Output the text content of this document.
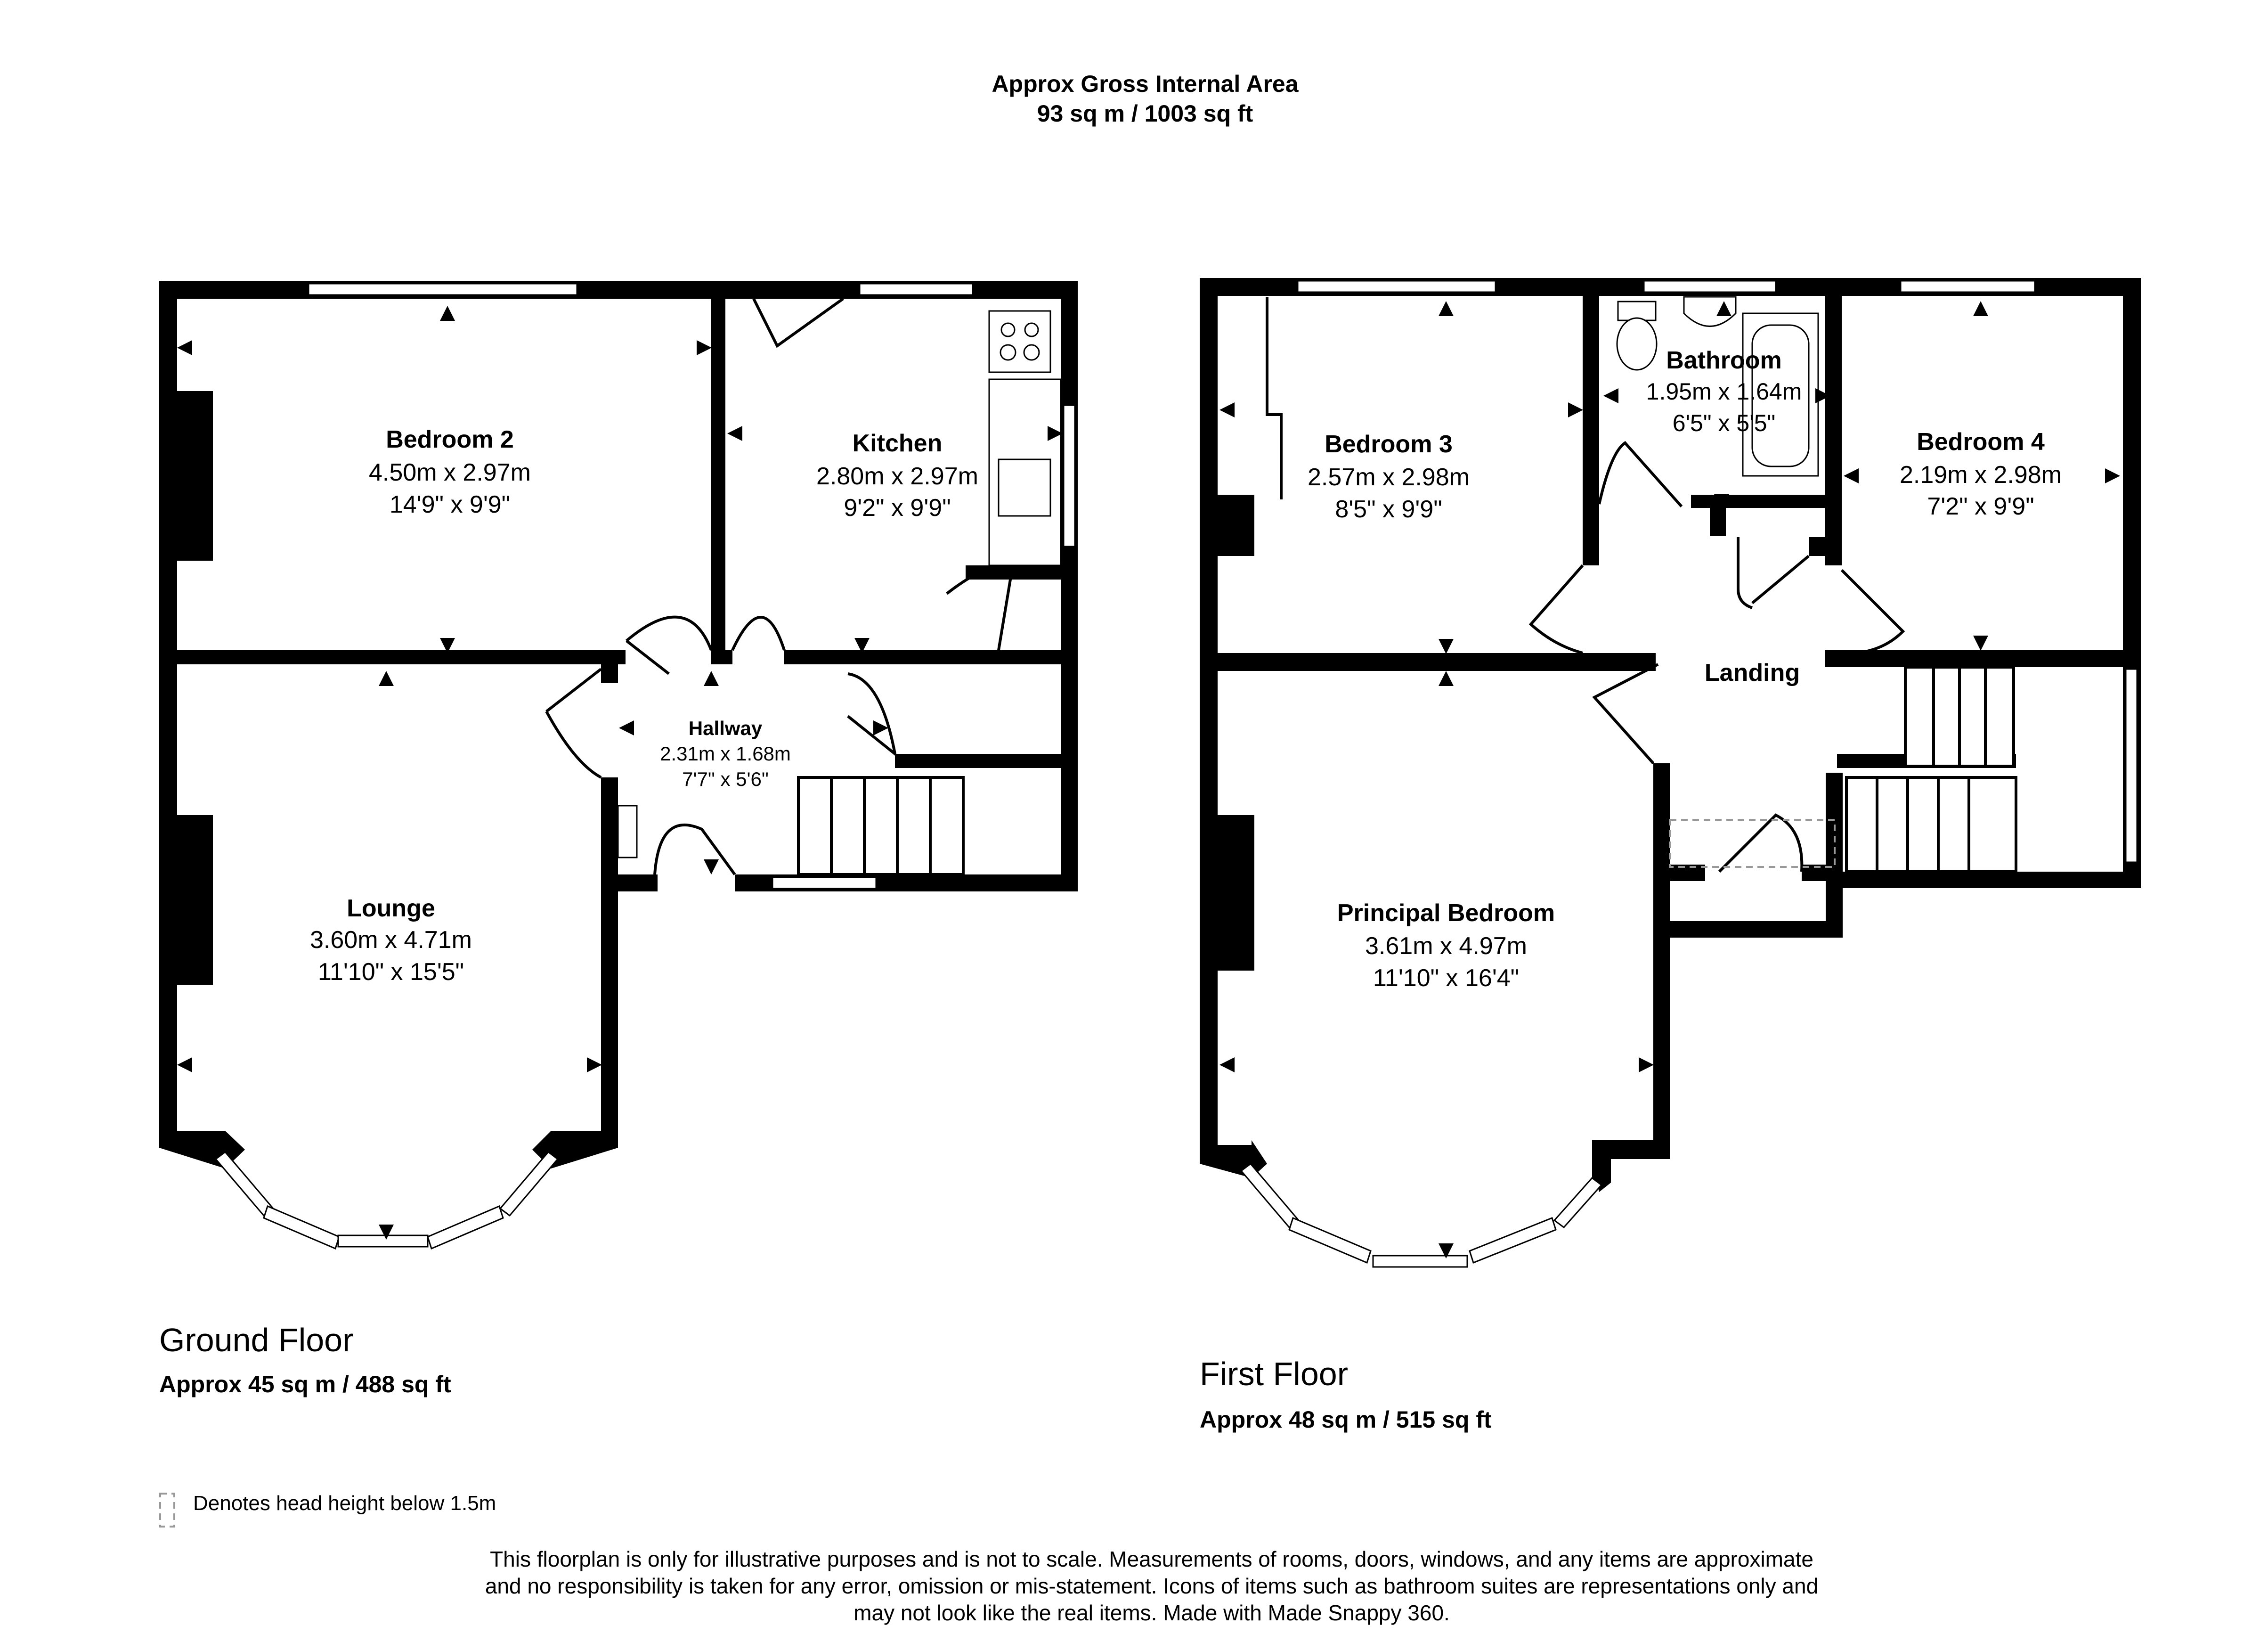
Approx Gross Internal Area
93 sq m / 1003 sq ft
Bedroom 2
4.50m x 2.97m
14'9" x 9'9"
Kitchen
2.80m x 2.97m
9'2" x 9'9"
Hallway
2.31m x 1.68m
7'7" x 5'6"
Lounge
3.60m x 4.71m
11'10" x 15'5"
Bedroom 3
2.57m x 2.98m
8'5" x 9'9"
Bathroom
1.95m x 1.64m
6'5" x 5'5"
Bedroom 4
2.19m x 2.98m
7'2" x 9'9"
Landing
Principal Bedroom
3.61m x 4.97m
11'10" x 16'4"
Ground Floor
Approx 45 sq m / 488 sq ft	First Floor
Approx 48 sq m / 515 sq ft
Denotes head height below 1.5m
This floorplan is only for illustrative purposes and is not to scale. Measurements of rooms, doors, windows, and any items are approximate
and no responsibility is taken for any error, omission or mis-statement. Icons of items such as bathroom suites are representations only and
may not look like the real items. Made with Made Snappy 360.
